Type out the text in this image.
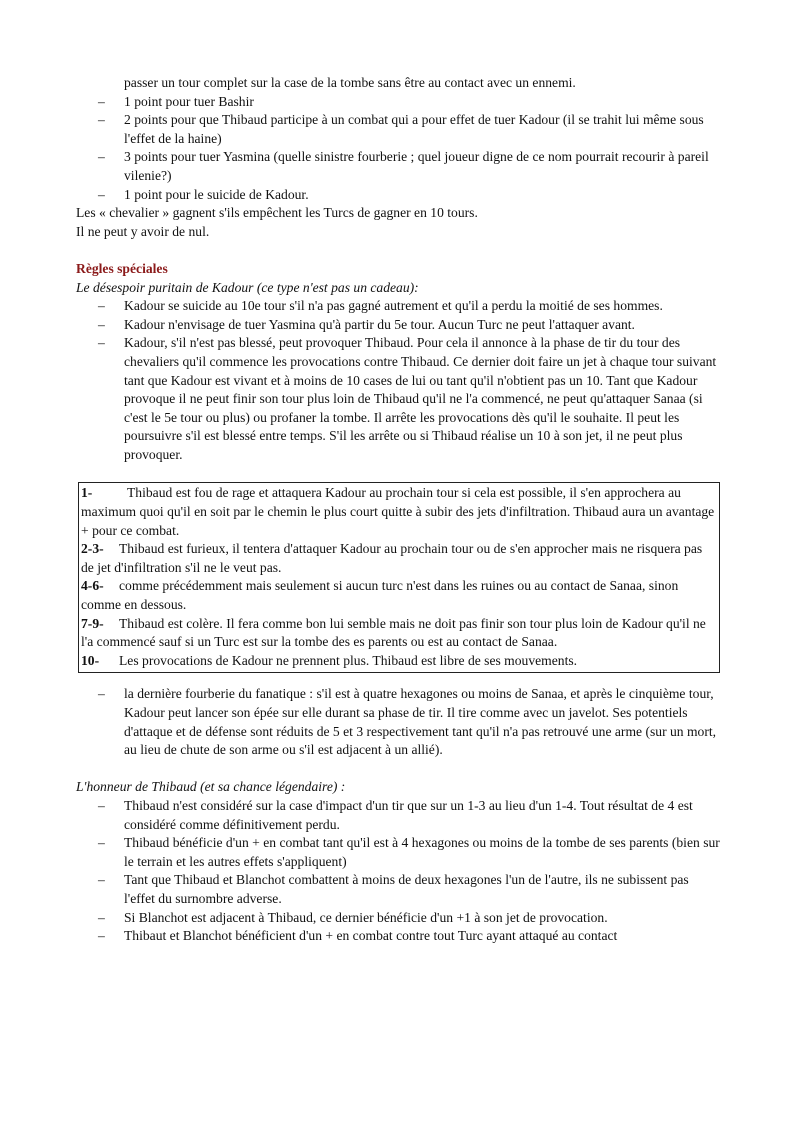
passer un tour complet sur la case de la tombe sans être au contact avec un ennemi.
– 1 point pour tuer Bashir
– 2 points pour que Thibaud participe à un combat qui a pour effet de tuer Kadour (il se trahit lui même sous l'effet de la haine)
– 3 points pour tuer Yasmina (quelle sinistre fourberie ; quel joueur digne de ce nom pourrait recourir à pareil vilenie?)
– 1 point pour le suicide de Kadour.

Les « chevalier » gagnent s'ils empêchent les Turcs de gagner en 10 tours.

Il ne peut y avoir de nul.

Règles spéciales

Le désespoir puritain de Kadour (ce type n'est pas un cadeau):

– Kadour se suicide au 10e tour s'il n'a pas gagné autrement et qu'il a perdu la moitié de ses hommes.
– Kadour n'envisage de tuer Yasmina qu'à partir du 5e tour. Aucun Turc ne peut l'attaquer avant.
– Kadour, s'il n'est pas blessé, peut provoquer Thibaud. Pour cela il annonce à la phase de tir du tour des chevaliers qu'il commence les provocations contre Thibaud. Ce dernier doit faire un jet à chaque tour suivant tant que Kadour est vivant et à moins de 10 cases de lui ou tant qu'il n'obtient pas un 10. Tant que Kadour provoque il ne peut finir son tour plus loin de Thibaud qu'il ne l'a commencé, ne peut qu'attaquer Sanaa (si c'est le 5e tour ou plus) ou profaner la tombe. Il arrête les provocations dès qu'il le souhaite. Il peut les poursuivre s'il est blessé entre temps. S'il les arrête ou si Thibaud réalise un 10 à son jet, il ne peut plus provoquer.

1-	Thibaud est fou de rage et attaquera Kadour au prochain tour si cela est possible, il s'en approchera au maximum quoi qu'il en soit par le chemin le plus court quitte à subir des jets d'infiltration. Thibaud aura un avantage + pour ce combat.

2-3- Thibaud est furieux, il tentera d'attaquer Kadour au prochain tour ou de s'en approcher mais ne risquera pas de jet d'infiltration s'il ne le veut pas.

4-6- comme précédemment mais seulement si aucun turc n'est dans les ruines ou au contact de Sanaa, sinon comme en dessous.

7-9- Thibaud est colère. Il fera comme bon lui semble mais ne doit pas finir son tour plus loin de Kadour qu'il ne l'a commencé sauf si un Turc est sur la tombe des es parents ou est au contact de Sanaa.

10- Les provocations de Kadour ne prennent plus. Thibaud est libre de ses mouvements.

– la dernière fourberie du fanatique : s'il est à quatre hexagones ou moins de Sanaa, et après le cinquième tour, Kadour peut lancer son épée sur elle durant sa phase de tir. Il tire comme avec un javelot. Ses potentiels d'attaque et de défense sont réduits de 5 et 3 respectivement tant qu'il n'a pas retrouvé une arme (sur un mort, au lieu de chute de son arme ou s'il est adjacent à un allié).

L'honneur de Thibaud (et sa chance légendaire) :

– Thibaud n'est considéré sur la case d'impact d'un tir que sur un 1-3 au lieu d'un 1-4. Tout résultat de 4 est considéré comme définitivement perdu.
– Thibaud bénéficie d'un + en combat tant qu'il est à 4 hexagones ou moins de la tombe de ses parents (bien sur le terrain et les autres effets s'appliquent)
– Tant que Thibaud et Blanchot combattent à moins de deux hexagones l'un de l'autre, ils ne subissent pas l'effet du surnombre adverse.
– Si Blanchot est adjacent à Thibaud, ce dernier bénéficie d'un +1 à son jet de provocation.
– Thibaut et Blanchot bénéficient d'un + en combat contre tout Turc ayant attaqué au contact
